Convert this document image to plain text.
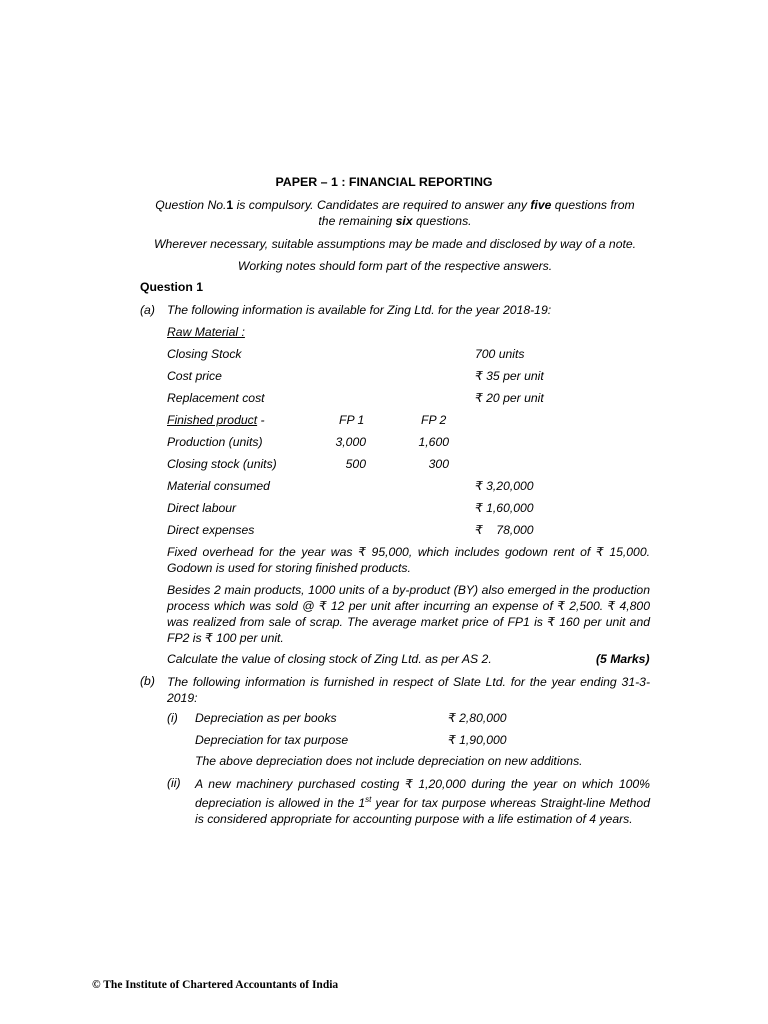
PAPER – 1 : FINANCIAL REPORTING
Question No.1 is compulsory. Candidates are required to answer any five questions from
the remaining six questions.
Wherever necessary, suitable assumptions may be made and disclosed by way of a note.
Working notes should form part of the respective answers.
Question 1
(a) The following information is available for Zing Ltd. for the year 2018-19:
Raw Material :
Closing Stock	700 units
Cost price	₹ 35 per unit
Replacement cost	₹ 20 per unit
Finished product -	FP 1	FP 2
Production (units)	3,000	1,600
Closing stock (units)	500	300
Material consumed	₹ 3,20,000
Direct labour	₹ 1,60,000
Direct expenses	₹    78,000
Fixed overhead for the year was ₹ 95,000, which includes godown rent of ₹ 15,000. Godown is used for storing finished products.
Besides 2 main products, 1000 units of a by-product (BY) also emerged in the production process which was sold @ ₹ 12 per unit after incurring an expense of ₹ 2,500. ₹ 4,800 was realized from sale of scrap. The average market price of FP1 is ₹ 160 per unit and FP2 is ₹ 100 per unit.
Calculate the value of closing stock of Zing Ltd. as per AS 2.	(5 Marks)
(b) The following information is furnished in respect of Slate Ltd. for the year ending 31-3-2019:
(i) Depreciation as per books	₹ 2,80,000
Depreciation for tax purpose	₹ 1,90,000
The above depreciation does not include depreciation on new additions.
(ii) A new machinery purchased costing ₹ 1,20,000 during the year on which 100% depreciation is allowed in the 1st year for tax purpose whereas Straight-line Method is considered appropriate for accounting purpose with a life estimation of 4 years.
© The Institute of Chartered Accountants of India
